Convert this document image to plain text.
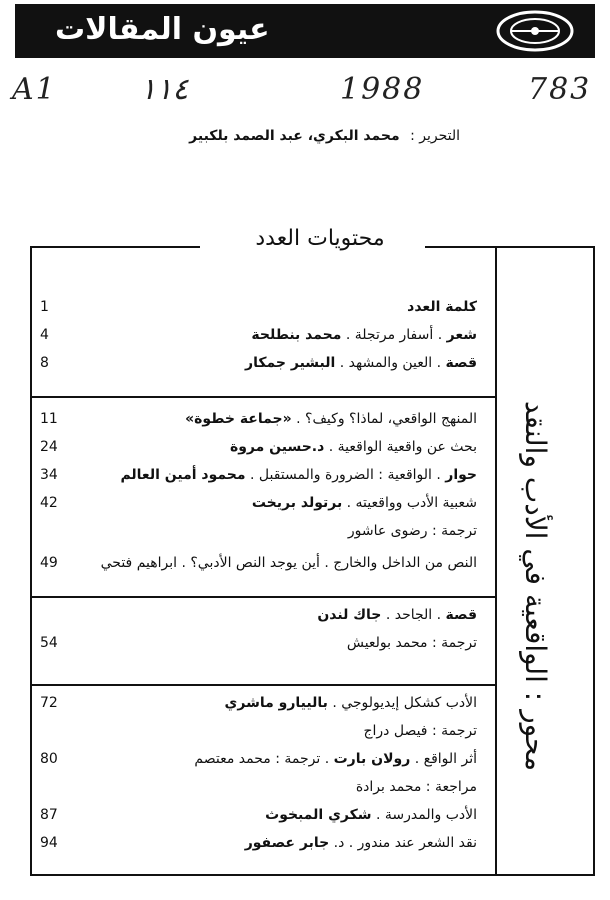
عيون المقالات
A1	١١٤	1988	783
التحرير : محمد البكري، عبد الصمد بلكبير
محتويات العدد
محور : الواقعية في الأدب والنقد
1	كلمة العدد
4	شعر . أسفار مرتجلة . محمد بنطلحة
8	قصة . العين والمشهد . البشير جمكار
11	المنهج الواقعي، لماذا؟ وكيف؟ . «جماعة خطوة»
24	بحث عن واقعية الواقعية . د.حسين مروة
34	حوار . الواقعية : الضرورة والمستقبل . محمود أمين العالم
42	شعبية الأدب وواقعيته . برتولد بريخت
ترجمة : رضوى عاشور
49	النص من الداخل والخارج . أين يوجد النص الأدبي؟ . ابراهيم فتحي
قصة . الجاحد . جاك لندن
54	ترجمة : محمد بولعيش
72	الأدب كشكل إيديولوجي . بالييارو ماشري
ترجمة : فيصل دراج
80	أثر الواقع . رولان بارت . ترجمة : محمد معتصم
مراجعة : محمد برادة
87	الأدب والمدرسة . شكري المبخوث
94	نقد الشعر عند مندور . د. جابر عصفور
